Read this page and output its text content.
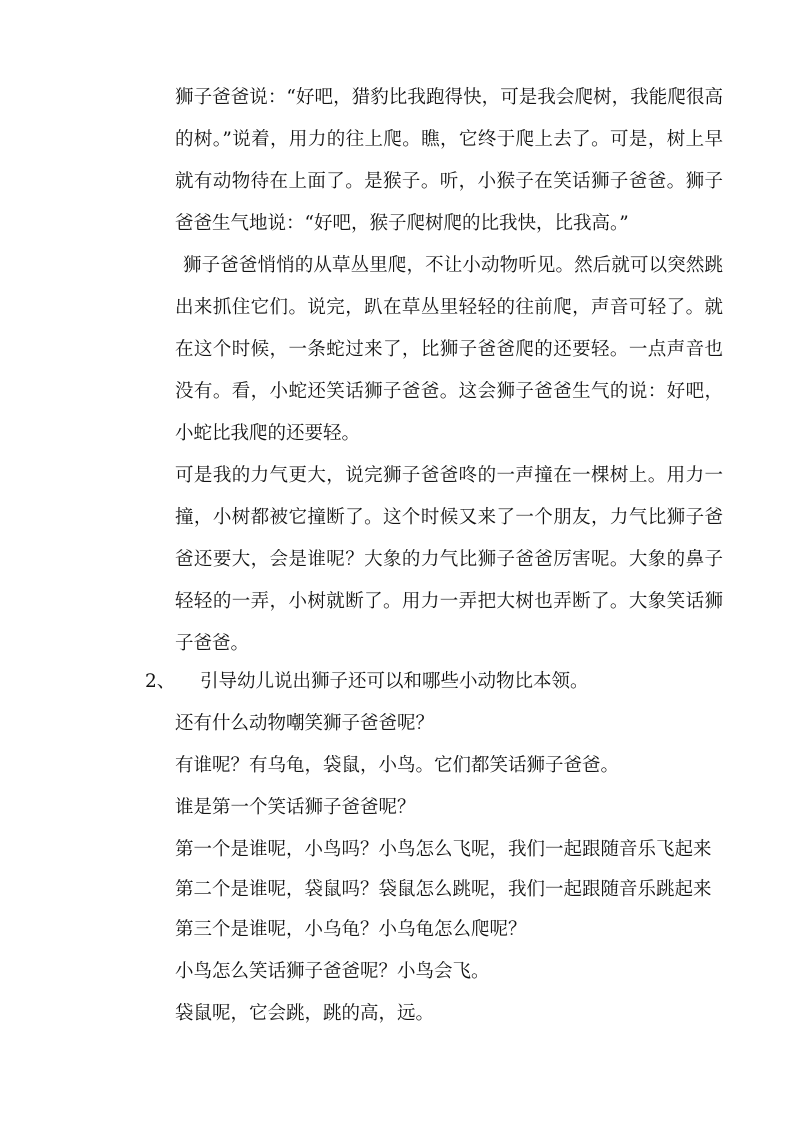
狮子爸爸说：“好吧，猎豹比我跑得快，可是我会爬树，我能爬很高
的树。”说着，用力的往上爬。瞧，它终于爬上去了。可是，树上早
就有动物待在上面了。是猴子。听，小猴子在笑话狮子爸爸。狮子
爸爸生气地说：“好吧，猴子爬树爬的比我快，比我高。”
狮子爸爸悄悄的从草丛里爬，不让小动物听见。然后就可以突然跳
出来抓住它们。说完，趴在草丛里轻轻的往前爬，声音可轻了。就
在这个时候，一条蛇过来了，比狮子爸爸爬的还要轻。一点声音也
没有。看，小蛇还笑话狮子爸爸。这会狮子爸爸生气的说：好吧，
小蛇比我爬的还要轻。
可是我的力气更大，说完狮子爸爸咚的一声撞在一棵树上。用力一
撞，小树都被它撞断了。这个时候又来了一个朋友，力气比狮子爸
爸还要大，会是谁呢？大象的力气比狮子爸爸厉害呢。大象的鼻子
轻轻的一弄，小树就断了。用力一弄把大树也弄断了。大象笑话狮
子爸爸。
2、 引导幼儿说出狮子还可以和哪些小动物比本领。
还有什么动物嘲笑狮子爸爸呢？
有谁呢？有乌龟，袋鼠，小鸟。它们都笑话狮子爸爸。
谁是第一个笑话狮子爸爸呢？
第一个是谁呢，小鸟吗？小鸟怎么飞呢，我们一起跟随音乐飞起来
第二个是谁呢，袋鼠吗？袋鼠怎么跳呢，我们一起跟随音乐跳起来
第三个是谁呢，小乌龟？小乌龟怎么爬呢？
小鸟怎么笑话狮子爸爸呢？小鸟会飞。
袋鼠呢，它会跳，跳的高，远。
